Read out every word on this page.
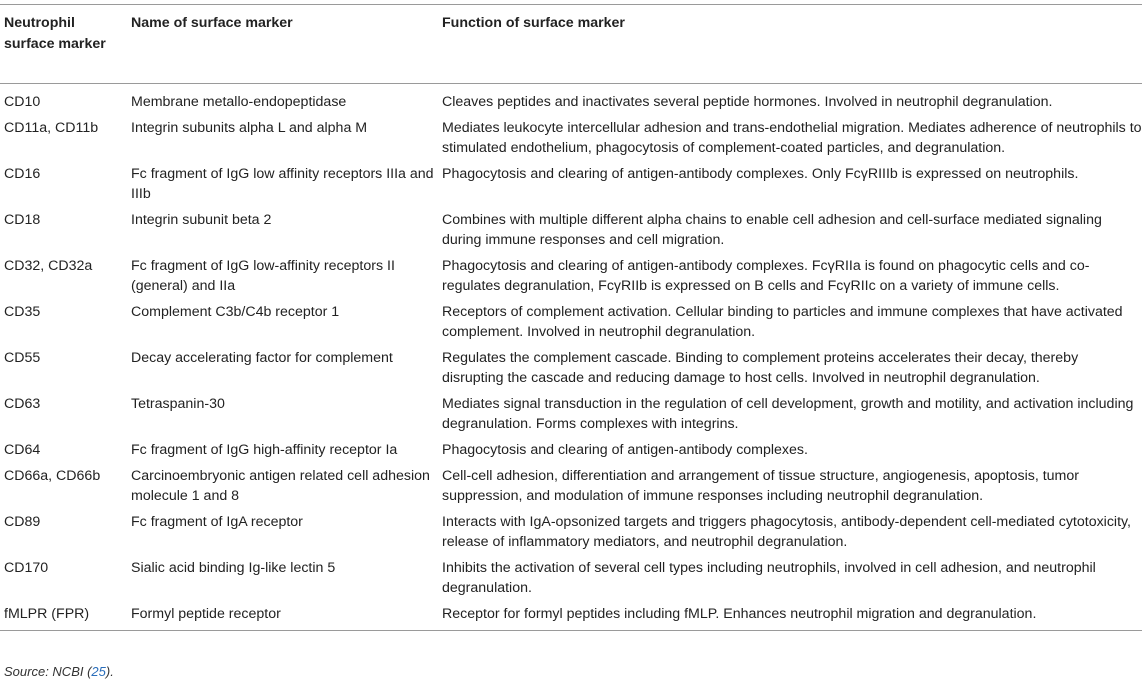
Neutrophil surface marker	Name of surface marker	Function of surface marker
CD10	Membrane metallo-endopeptidase	Cleaves peptides and inactivates several peptide hormones. Involved in neutrophil degranulation.
CD11a, CD11b	Integrin subunits alpha L and alpha M	Mediates leukocyte intercellular adhesion and trans-endothelial migration. Mediates adherence of neutrophils to stimulated endothelium, phagocytosis of complement-coated particles, and degranulation.
CD16	Fc fragment of IgG low affinity receptors IIIa and IIIb	Phagocytosis and clearing of antigen-antibody complexes. Only FcγRIIIb is expressed on neutrophils.
CD18	Integrin subunit beta 2	Combines with multiple different alpha chains to enable cell adhesion and cell-surface mediated signaling during immune responses and cell migration.
CD32, CD32a	Fc fragment of IgG low-affinity receptors II (general) and IIa	Phagocytosis and clearing of antigen-antibody complexes. FcγRIIa is found on phagocytic cells and co-regulates degranulation, FcγRIIb is expressed on B cells and FcγRIIc on a variety of immune cells.
CD35	Complement C3b/C4b receptor 1	Receptors of complement activation. Cellular binding to particles and immune complexes that have activated complement. Involved in neutrophil degranulation.
CD55	Decay accelerating factor for complement	Regulates the complement cascade. Binding to complement proteins accelerates their decay, thereby disrupting the cascade and reducing damage to host cells. Involved in neutrophil degranulation.
CD63	Tetraspanin-30	Mediates signal transduction in the regulation of cell development, growth and motility, and activation including degranulation. Forms complexes with integrins.
CD64	Fc fragment of IgG high-affinity receptor Ia	Phagocytosis and clearing of antigen-antibody complexes.
CD66a, CD66b	Carcinoembryonic antigen related cell adhesion molecule 1 and 8	Cell-cell adhesion, differentiation and arrangement of tissue structure, angiogenesis, apoptosis, tumor suppression, and modulation of immune responses including neutrophil degranulation.
CD89	Fc fragment of IgA receptor	Interacts with IgA-opsonized targets and triggers phagocytosis, antibody-dependent cell-mediated cytotoxicity, release of inflammatory mediators, and neutrophil degranulation.
CD170	Sialic acid binding Ig-like lectin 5	Inhibits the activation of several cell types including neutrophils, involved in cell adhesion, and neutrophil degranulation.
fMLPR (FPR)	Formyl peptide receptor	Receptor for formyl peptides including fMLP. Enhances neutrophil migration and degranulation.
Source: NCBI (25).
